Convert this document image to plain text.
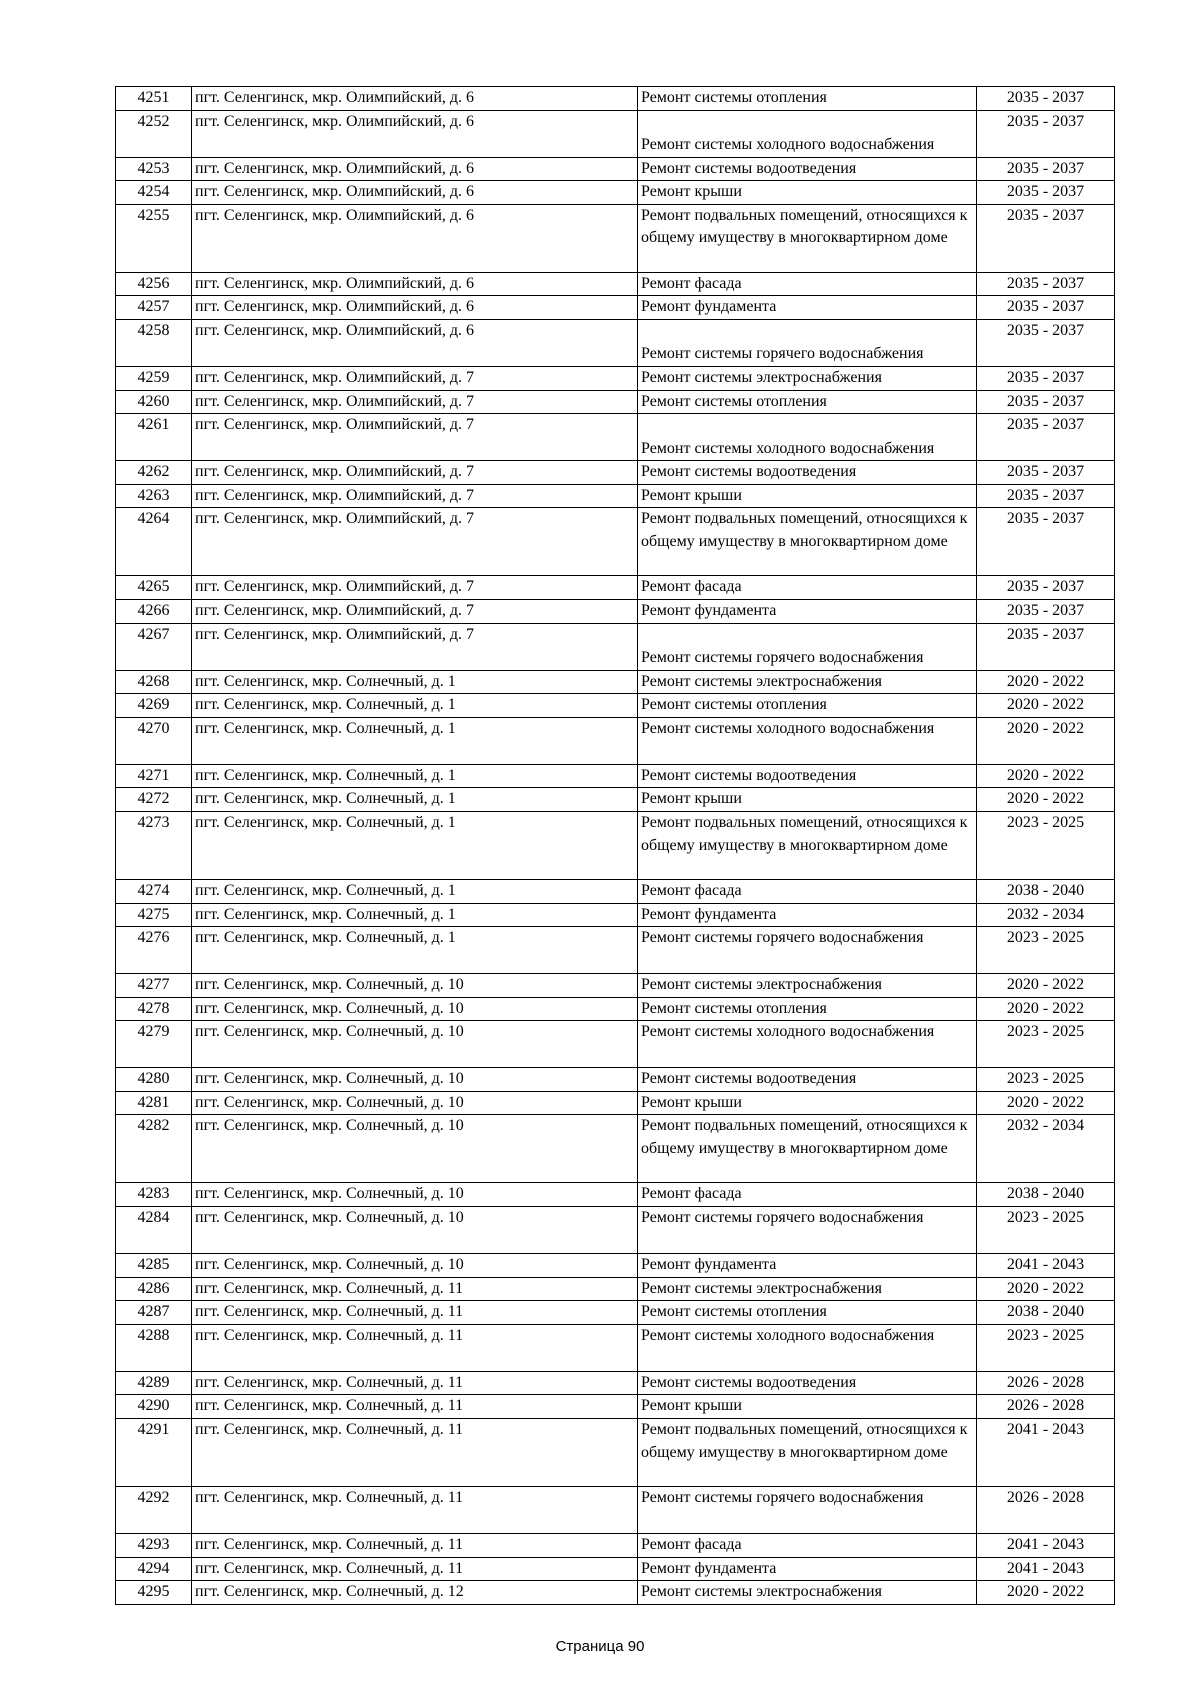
4251	пгт. Селенгинск, мкр. Олимпийский, д. 6	Ремонт системы отопления	2035 - 2037
4252	пгт. Селенгинск, мкр. Олимпийский, д. 6	Ремонт системы холодного водоснабжения	2035 - 2037
4253	пгт. Селенгинск, мкр. Олимпийский, д. 6	Ремонт системы водоотведения	2035 - 2037
4254	пгт. Селенгинск, мкр. Олимпийский, д. 6	Ремонт крыши	2035 - 2037
4255	пгт. Селенгинск, мкр. Олимпийский, д. 6	Ремонт подвальных помещений, относящихся к общему имуществу в многоквартирном доме	2035 - 2037
4256	пгт. Селенгинск, мкр. Олимпийский, д. 6	Ремонт фасада	2035 - 2037
4257	пгт. Селенгинск, мкр. Олимпийский, д. 6	Ремонт фундамента	2035 - 2037
4258	пгт. Селенгинск, мкр. Олимпийский, д. 6	Ремонт системы горячего водоснабжения	2035 - 2037
4259	пгт. Селенгинск, мкр. Олимпийский, д. 7	Ремонт системы электроснабжения	2035 - 2037
4260	пгт. Селенгинск, мкр. Олимпийский, д. 7	Ремонт системы отопления	2035 - 2037
4261	пгт. Селенгинск, мкр. Олимпийский, д. 7	Ремонт системы холодного водоснабжения	2035 - 2037
4262	пгт. Селенгинск, мкр. Олимпийский, д. 7	Ремонт системы водоотведения	2035 - 2037
4263	пгт. Селенгинск, мкр. Олимпийский, д. 7	Ремонт крыши	2035 - 2037
4264	пгт. Селенгинск, мкр. Олимпийский, д. 7	Ремонт подвальных помещений, относящихся к общему имуществу в многоквартирном доме	2035 - 2037
4265	пгт. Селенгинск, мкр. Олимпийский, д. 7	Ремонт фасада	2035 - 2037
4266	пгт. Селенгинск, мкр. Олимпийский, д. 7	Ремонт фундамента	2035 - 2037
4267	пгт. Селенгинск, мкр. Олимпийский, д. 7	Ремонт системы горячего водоснабжения	2035 - 2037
4268	пгт. Селенгинск, мкр. Солнечный, д. 1	Ремонт системы электроснабжения	2020 - 2022
4269	пгт. Селенгинск, мкр. Солнечный, д. 1	Ремонт системы отопления	2020 - 2022
4270	пгт. Селенгинск, мкр. Солнечный, д. 1	Ремонт системы холодного водоснабжения	2020 - 2022
4271	пгт. Селенгинск, мкр. Солнечный, д. 1	Ремонт системы водоотведения	2020 - 2022
4272	пгт. Селенгинск, мкр. Солнечный, д. 1	Ремонт крыши	2020 - 2022
4273	пгт. Селенгинск, мкр. Солнечный, д. 1	Ремонт подвальных помещений, относящихся к общему имуществу в многоквартирном доме	2023 - 2025
4274	пгт. Селенгинск, мкр. Солнечный, д. 1	Ремонт фасада	2038 - 2040
4275	пгт. Селенгинск, мкр. Солнечный, д. 1	Ремонт фундамента	2032 - 2034
4276	пгт. Селенгинск, мкр. Солнечный, д. 1	Ремонт системы горячего водоснабжения	2023 - 2025
4277	пгт. Селенгинск, мкр. Солнечный, д. 10	Ремонт системы электроснабжения	2020 - 2022
4278	пгт. Селенгинск, мкр. Солнечный, д. 10	Ремонт системы отопления	2020 - 2022
4279	пгт. Селенгинск, мкр. Солнечный, д. 10	Ремонт системы холодного водоснабжения	2023 - 2025
4280	пгт. Селенгинск, мкр. Солнечный, д. 10	Ремонт системы водоотведения	2023 - 2025
4281	пгт. Селенгинск, мкр. Солнечный, д. 10	Ремонт крыши	2020 - 2022
4282	пгт. Селенгинск, мкр. Солнечный, д. 10	Ремонт подвальных помещений, относящихся к общему имуществу в многоквартирном доме	2032 - 2034
4283	пгт. Селенгинск, мкр. Солнечный, д. 10	Ремонт фасада	2038 - 2040
4284	пгт. Селенгинск, мкр. Солнечный, д. 10	Ремонт системы горячего водоснабжения	2023 - 2025
4285	пгт. Селенгинск, мкр. Солнечный, д. 10	Ремонт фундамента	2041 - 2043
4286	пгт. Селенгинск, мкр. Солнечный, д. 11	Ремонт системы электроснабжения	2020 - 2022
4287	пгт. Селенгинск, мкр. Солнечный, д. 11	Ремонт системы отопления	2038 - 2040
4288	пгт. Селенгинск, мкр. Солнечный, д. 11	Ремонт системы холодного водоснабжения	2023 - 2025
4289	пгт. Селенгинск, мкр. Солнечный, д. 11	Ремонт системы водоотведения	2026 - 2028
4290	пгт. Селенгинск, мкр. Солнечный, д. 11	Ремонт крыши	2026 - 2028
4291	пгт. Селенгинск, мкр. Солнечный, д. 11	Ремонт подвальных помещений, относящихся к общему имуществу в многоквартирном доме	2041 - 2043
4292	пгт. Селенгинск, мкр. Солнечный, д. 11	Ремонт системы горячего водоснабжения	2026 - 2028
4293	пгт. Селенгинск, мкр. Солнечный, д. 11	Ремонт фасада	2041 - 2043
4294	пгт. Селенгинск, мкр. Солнечный, д. 11	Ремонт фундамента	2041 - 2043
4295	пгт. Селенгинск, мкр. Солнечный, д. 12	Ремонт системы электроснабжения	2020 - 2022
Страница 90
